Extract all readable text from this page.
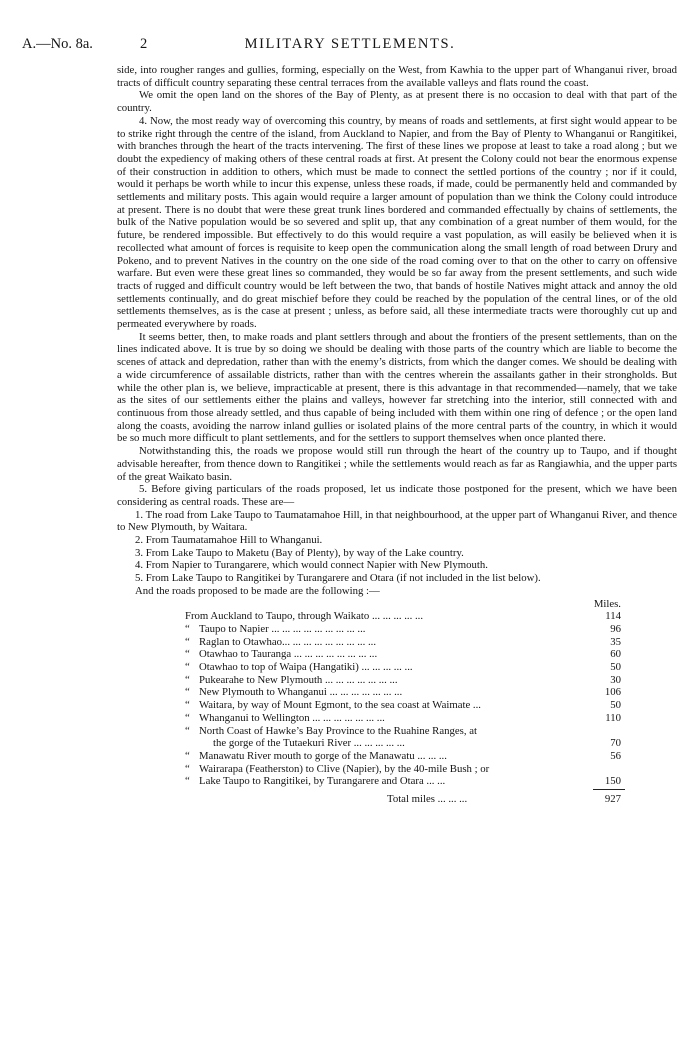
A.—No. 8a.	2	MILITARY SETTLEMENTS.

side, into rougher ranges and gullies, forming, especially on the West, from Kawhia to the upper part of Whanganui river, broad tracts of difficult country separating these central terraces from the available valleys and flats round the coast.

We omit the open land on the shores of the Bay of Plenty, as at present there is no occasion to deal with that part of the country.

4. Now, the most ready way of overcoming this country, by means of roads and settlements, at first sight would appear to be to strike right through the centre of the island, from Auckland to Napier, and from the Bay of Plenty to Whanganui or Rangitikei, with branches through the heart of the tracts intervening. The first of these lines we propose at least to take a road along ; but we doubt the expediency of making others of these central roads at first. At present the Colony could not bear the enormous expense of their construction in addition to others, which must be made to connect the settled portions of the country ; nor if it could, would it perhaps be worth while to incur this expense, unless these roads, if made, could be permanently held and commanded by settlements and military posts. This again would require a larger amount of population than we think the Colony could introduce at present. There is no doubt that were these great trunk lines bordered and commanded effectually by chains of settlements, the bulk of the Native population would be so severed and split up, that any combination of a great number of them would, for the future, be rendered impossible. But effectively to do this would require a vast population, as will easily be believed when it is recollected what amount of forces is requisite to keep open the communication along the small length of road between Drury and Pokeno, and to prevent Natives in the country on the one side of the road coming over to that on the other to carry on offensive warfare. But even were these great lines so commanded, they would be so far away from the present settlements, and such wide tracts of rugged and difficult country would be left between the two, that bands of hostile Natives might attack and annoy the old settlements continually, and do great mischief before they could be reached by the population of the central lines, or of the old settlements themselves, as is the case at present ; unless, as before said, all these intermediate tracts were thoroughly cut up and permeated everywhere by roads.

It seems better, then, to make roads and plant settlers through and about the frontiers of the present settlements, than on the lines indicated above. It is true by so doing we should be dealing with those parts of the country which are liable to become the scenes of attack and depredation, rather than with the enemy’s districts, from which the danger comes. We should be dealing with a wide circumference of assailable districts, rather than with the centres wherein the assailants gather in their strongholds. But while the other plan is, we believe, impracticable at present, there is this advantage in that recommended—namely, that we take as the sites of our settlements either the plains and valleys, however far stretching into the interior, still connected with and continuous from those already settled, and thus capable of being included with them within one ring of defence ; or the open land along the coasts, avoiding the narrow inland gullies or isolated plains of the more central parts of the country, in which it would be so much more difficult to plant settlements, and for the settlers to support themselves when once planted there.

Notwithstanding this, the roads we propose would still run through the heart of the country up to Taupo, and if thought advisable hereafter, from thence down to Rangitikei ; while the settlements would reach as far as Rangiawhia, and the upper parts of the great Waikato basin.

5. Before giving particulars of the roads proposed, let us indicate those postponed for the present, which we have been considering as central roads. These are—

1. The road from Lake Taupo to Taumatamahoe Hill, in that neighbourhood, at the upper part of Whanganui River, and thence to New Plymouth, by Waitara.

2. From Taumatamahoe Hill to Whanganui.

3. From Lake Taupo to Maketu (Bay of Plenty), by way of the Lake country.

4. From Napier to Turangarere, which would connect Napier with New Plymouth.

5. From Lake Taupo to Rangitikei by Turangarere and Otara (if not included in the list below).

And the roads proposed to be made are the following :—

Miles.
From Auckland to Taupo, through Waikato ... ... ... ... ...	114
“ Taupo to Napier ... ... ... ... ... ... ... ... ...	96
“ Raglan to Otawhao... ... ... ... ... ... ... ... ...	35
“ Otawhao to Tauranga ... ... ... ... ... ... ... ...	60
“ Otawhao to top of Waipa (Hangatiki) ... ... ... ... ...	50
“ Pukearahe to New Plymouth ... ... ... ... ... ... ...	30
“ New Plymouth to Whanganui ... ... ... ... ... ... ...	106
“ Waitara, by way of Mount Egmont, to the sea coast at Waimate ...	50
“ Whanganui to Wellington ... ... ... ... ... ... ...	110
“ North Coast of Hawke’s Bay Province to the Ruahine Ranges, at
the gorge of the Tutaekuri River ... ... ... ... ...	70
“ Manawatu River mouth to gorge of the Manawatu ... ... ...	56
“ Wairarapa (Featherston) to Clive (Napier), by the 40-mile Bush ; or
“ Lake Taupo to Rangitikei, by Turangarere and Otara ... ...	150
Total miles ... ... ...	927
